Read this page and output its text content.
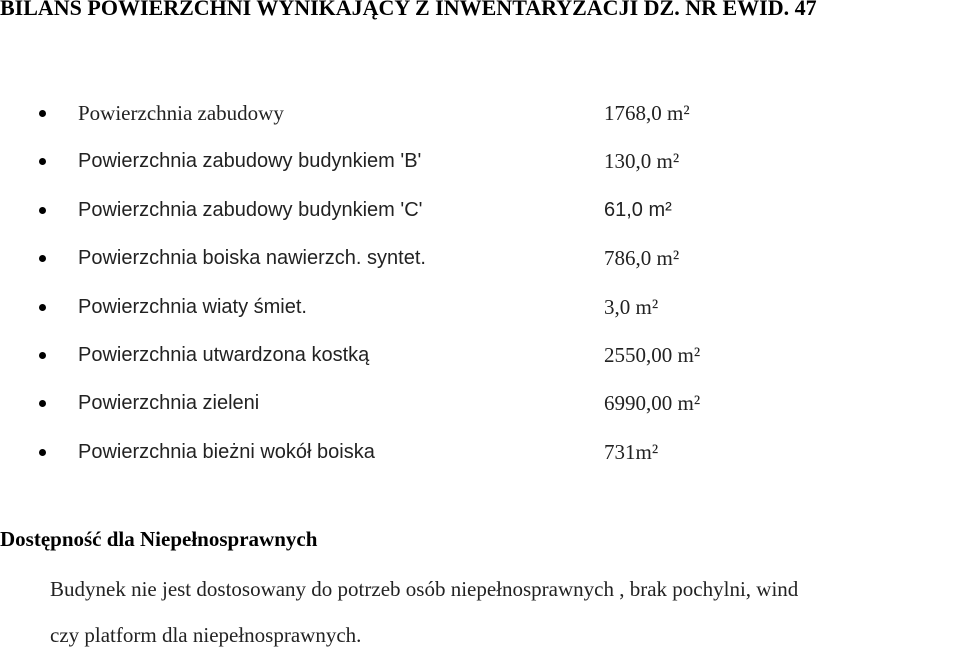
BILANS POWIERZCHNI WYNIKAJĄCY Z INWENTARYZACJI DZ. NR EWID. 47
Powierzchnia zabudowy	1768,0 m²
Powierzchnia zabudowy budynkiem 'B'	130,0 m²
Powierzchnia zabudowy budynkiem 'C'	61,0 m²
Powierzchnia boiska nawierzch. syntet.	786,0 m²
Powierzchnia wiaty śmiet.	3,0 m²
Powierzchnia utwardzona kostką	2550,00 m²
Powierzchnia zieleni	6990,00 m²
Powierzchnia bieżni wokół boiska	731m²
Dostępność dla Niepełnosprawnych

Budynek nie jest dostosowany do potrzeb osób niepełnosprawnych , brak pochylni, wind
czy platform dla niepełnosprawnych.
